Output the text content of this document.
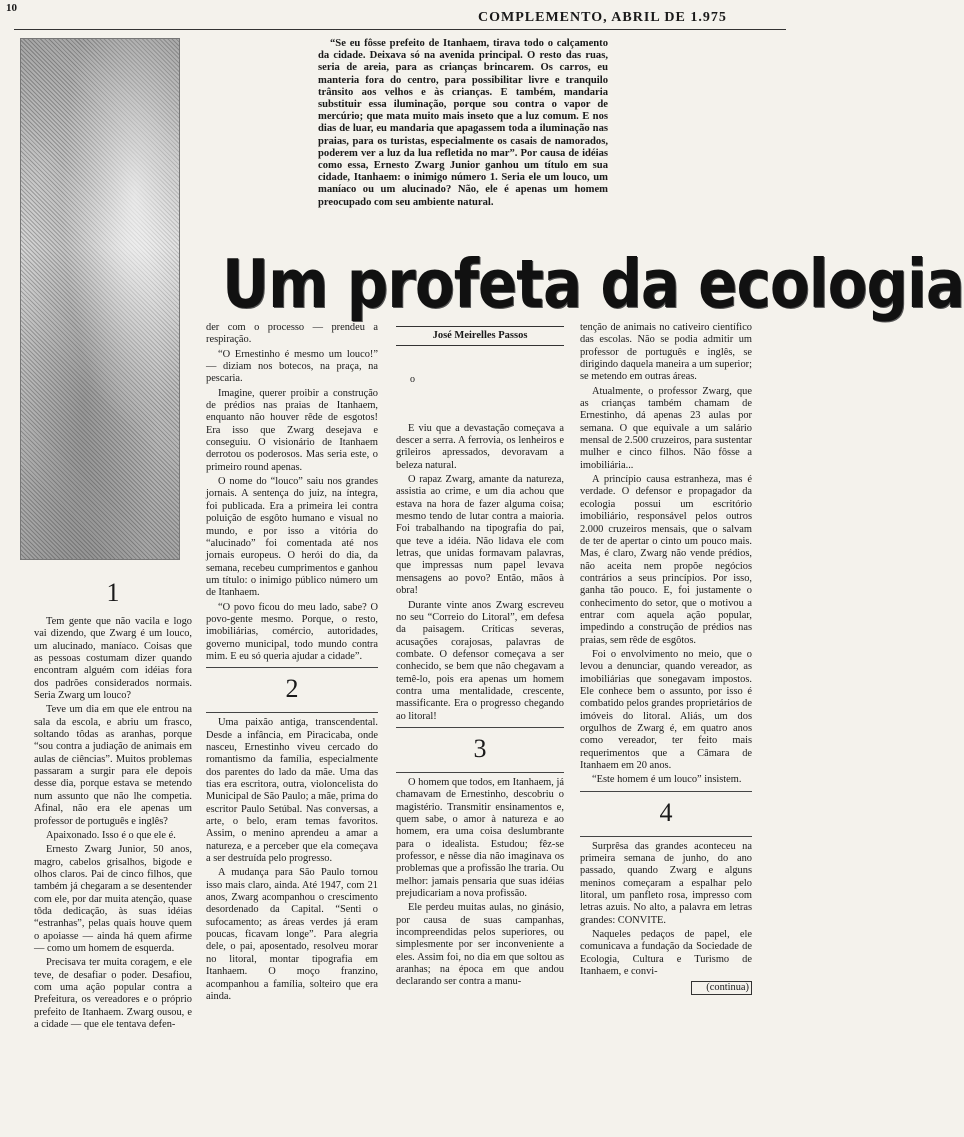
10
COMPLEMENTO, ABRIL DE 1.975

“Se eu fôsse prefeito de Itanhaem, tirava todo o calçamento da cidade. Deixava só na avenida principal. O resto das ruas, seria de areia, para as crianças brincarem. Os carros, eu manteria fora do centro, para possibilitar livre e tranquilo trânsito aos velhos e às crianças. E também, mandaria substituir essa iluminação, porque sou contra o vapor de mercúrio; que mata muito mais inseto que a luz comum. E nos dias de luar, eu mandaria que apagassem toda a iluminação nas praias, para os turistas, especialmente os casais de namorados, poderem ver a luz da lua refletida no mar”. Por causa de idéias como essa, Ernesto Zwarg Junior ganhou um título em sua cidade, Itanhaem: o inimigo número 1. Seria ele um louco, um maníaco ou um alucinado? Não, ele é apenas um homem preocupado com seu ambiente natural.

Um profeta da ecologia
1

Tem gente que não vacila e logo vai dizendo, que Zwarg é um louco, um alucinado, maníaco. Coisas que as pessoas costumam dizer quando encontram alguém com idéias fora dos padrões considerados normais. Seria Zwarg um louco?

Teve um dia em que ele entrou na sala da escola, e abriu um frasco, soltando tôdas as aranhas, porque “sou contra a judiação de animais em aulas de ciências”. Muitos problemas passaram a surgir para ele depois desse dia, porque estava se metendo num assunto que não lhe competia. Afinal, não era ele apenas um professor de português e inglês?

Apaixonado. Isso é o que ele é.

Ernesto Zwarg Junior, 50 anos, magro, cabelos grisalhos, bigode e olhos claros. Pai de cinco filhos, que também já chegaram a se desentender com ele, por dar muita atenção, quase tôda dedicação, às suas idéias “estranhas”, pelas quais houve quem o apoiasse — ainda há quem afirme — como um homem de esquerda.

Precisava ter muita coragem, e ele teve, de desafiar o poder. Desafiou, com uma ação popular contra a Prefeitura, os vereadores e o próprio prefeito de Itanhaem. Zwarg ousou, e a cidade — que ele tentava defen-

der com o processo — prendeu a respiração.

“O Ernestinho é mesmo um louco!” — diziam nos botecos, na praça, na pescaria.

Imagine, querer proibir a construção de prédios nas praias de Itanhaem, enquanto não houver rêde de esgotos! Era isso que Zwarg desejava e conseguiu. O visionário de Itanhaem derrotou os poderosos. Mas seria este, o primeiro round apenas.

O nome do “louco” saiu nos grandes jornais. A sentença do juiz, na íntegra, foi publicada. Era a primeira lei contra poluição de esgôto humano e visual no mundo, e por isso a vitória do “alucinado” foi comentada até nos jornais europeus. O herói do dia, da semana, recebeu cumprimentos e ganhou um título: o inimigo público número um de Itanhaem.

“O povo ficou do meu lado, sabe? O povo-gente mesmo. Porque, o resto, imobiliárias, comércio, autoridades, governo municipal, todo mundo contra mim. E eu só queria ajudar a cidade”.

2

Uma paixão antiga, transcendental. Desde a infância, em Piracicaba, onde nasceu, Ernestinho viveu cercado do romantismo da família, especialmente dos parentes do lado da mãe. Uma das tias era escritora, outra, violoncelista do Municipal de São Paulo; a mãe, prima do escritor Paulo Setúbal. Nas conversas, a arte, o belo, eram temas favoritos. Assim, o menino aprendeu a amar a natureza, e a perceber que ela começava a ser destruída pelo progresso.

A mudança para São Paulo tornou isso mais claro, ainda. Até 1947, com 21 anos, Zwarg acompanhou o crescimento desordenado da Capital. “Senti o sufocamento; as áreas verdes já eram poucas, ficavam longe”. Para alegria dele, o pai, aposentado, resolveu morar no litoral, montar tipografia em Itanhaem. O moço franzino, acompanhou a família, solteiro que era ainda.

José Meirelles Passos
o

E viu que a devastação começava a descer a serra. A ferrovia, os lenheiros e grileiros apressados, devoravam a beleza natural.

O rapaz Zwarg, amante da natureza, assistia ao crime, e um dia achou que estava na hora de fazer alguma coisa; mesmo tendo de lutar contra a maioria. Foi trabalhando na tipografia do pai, que teve a idéia. Não lidava ele com letras, que unidas formavam palavras, que impressas num papel levava mensagens ao povo? Então, mãos à obra!

Durante vinte anos Zwarg escreveu no seu “Correio do Litoral”, em defesa da paisagem. Críticas severas, acusações corajosas, palavras de combate. O defensor começava a ser conhecido, se bem que não chegavam a temê-lo, pois era apenas um homem contra uma mentalidade, crescente, massificante. Era o progresso chegando ao litoral!

3

O homem que todos, em Itanhaem, já chamavam de Ernestinho, descobriu o magistério. Transmitir ensinamentos e, quem sabe, o amor à natureza e ao homem, era uma coisa deslumbrante para o idealista. Estudou; fêz-se professor, e nêsse dia não imaginava os problemas que a profissão lhe traria. Ou melhor: jamais pensaria que suas idéias prejudicariam a nova profissão.

Ele perdeu muitas aulas, no ginásio, por causa de suas campanhas, incompreendidas pelos superiores, ou simplesmente por ser inconveniente a eles. Assim foi, no dia em que soltou as aranhas; na época em que andou declarando ser contra a manu-

tenção de animais no cativeiro científico das escolas. Não se podia admitir um professor de português e inglês, se dirigindo daquela maneira a um superior; se metendo em outras áreas.

Atualmente, o professor Zwarg, que as crianças também chamam de Ernestinho, dá apenas 23 aulas por semana. O que equivale a um salário mensal de 2.500 cruzeiros, para sustentar mulher e cinco filhos. Não fôsse a imobiliária...

A princípio causa estranheza, mas é verdade. O defensor e propagador da ecologia possui um escritório imobiliário, responsável pelos outros 2.000 cruzeiros mensais, que o salvam de ter de apertar o cinto um pouco mais. Mas, é claro, Zwarg não vende prédios, não aceita nem propõe negócios contrários a seus princípios. Por isso, ganha tão pouco. E, foi justamente o conhecimento do setor, que o motivou a entrar com aquela ação popular, impedindo a construção de prédios nas praias, sem rêde de esgôtos.

Foi o envolvimento no meio, que o levou a denunciar, quando vereador, as imobiliárias que sonegavam impostos. Ele conhece bem o assunto, por isso é combatido pelos grandes proprietários de imóveis do litoral. Aliás, um dos orgulhos de Zwarg é, em quatro anos como vereador, ter feito mais requerimentos que a Câmara de Itanhaem em 20 anos.

“Este homem é um louco” insistem.

4

Surprêsa das grandes aconteceu na primeira semana de junho, do ano passado, quando Zwarg e alguns meninos começaram a espalhar pelo litoral, um panfleto rosa, impresso com letras azuis. No alto, a palavra em letras grandes: CONVITE.

Naqueles pedaços de papel, ele comunicava a fundação da Sociedade de Ecologia, Cultura e Turismo de Itanhaem, e convi-

(continua)
